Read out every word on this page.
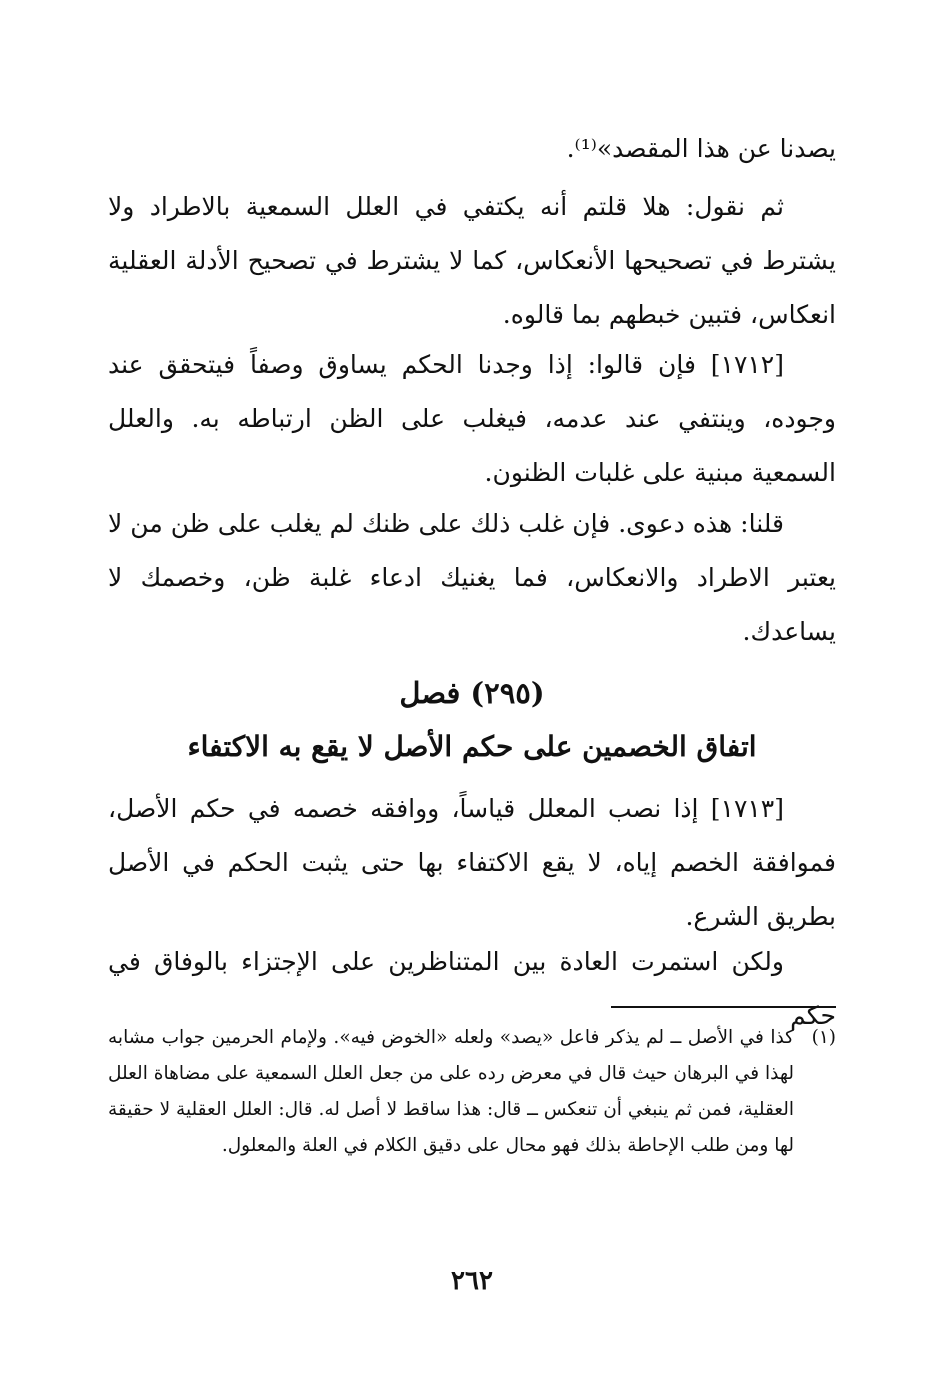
يصدنا عن هذا المقصد»⁽¹⁾.

ثم نقول: هلا قلتم أنه يكتفي في العلل السمعية بالاطراد ولا يشترط في تصحيحها الأنعكاس، كما لا يشترط في تصحيح الأدلة العقلية انعكاس، فتبين خبطهم بما قالوه.

[١٧١٢] فإن قالوا: إذا وجدنا الحكم يساوق وصفاً فيتحقق عند وجوده، وينتفي عند عدمه، فيغلب على الظن ارتباطه به. والعلل السمعية مبنية على غلبات الظنون.

قلنا: هذه دعوى. فإن غلب ذلك على ظنك لم يغلب على ظن من لا يعتبر الاطراد والانعكاس، فما يغنيك ادعاء غلبة ظن، وخصمك لا يساعدك.

(٢٩٥) فصل
اتفاق الخصمين على حكم الأصل لا يقع به الاكتفاء

[١٧١٣] إذا نصب المعلل قياساً، ووافقه خصمه في حكم الأصل، فموافقة الخصم إياه، لا يقع الاكتفاء بها حتى يثبت الحكم في الأصل بطريق الشرع.

ولكن استمرت العادة بين المتناظرين على الإجتزاء بالوفاق في حكم

(١)

كذا في الأصل ــ لم يذكر فاعل «يصد» ولعله «الخوض فيه». ولإمام الحرمين جواب مشابه لهذا في البرهان حيث قال في معرض رده على من جعل العلل السمعية على مضاهاة العلل العقلية، فمن ثم ينبغي أن تنعكس ــ قال: هذا ساقط لا أصل له. قال: العلل العقلية لا حقيقة لها ومن طلب الإحاطة بذلك فهو محال على دقيق الكلام في العلة والمعلول.

٢٦٢
